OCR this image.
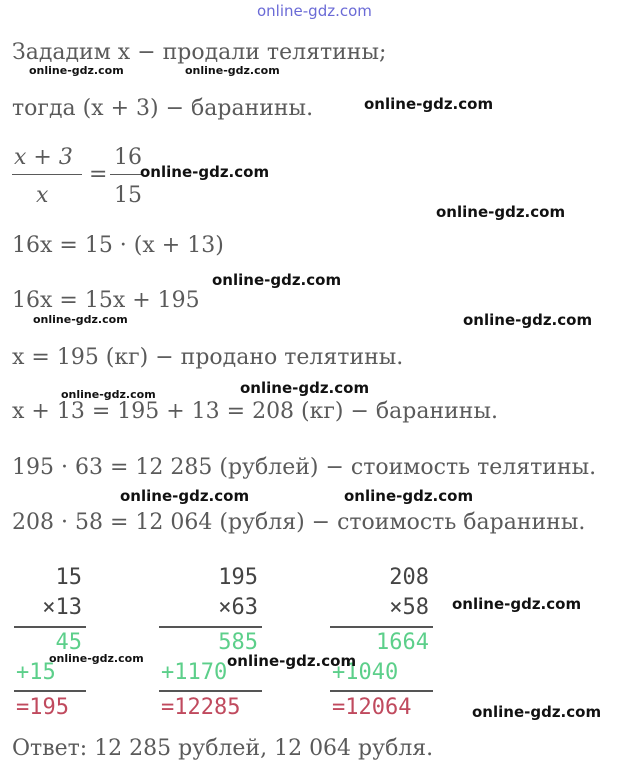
online-gdz.com
Зададим x − продали телятины;
тогда (x + 3) − баранины.
x + 3
x
=
16
15
16x = 15 · (x + 13)
16x = 15x + 195
x = 195 (кг) − продано телятины.
x + 13 = 195 + 13 = 208 (кг) − баранины.
195 · 63 = 12 285 (рублей) − стоимость телятины.
208 · 58 = 12 064 (рубля) − стоимость баранины.
15
×13
45
+15
=195
195
×63
585
+1170
=12285
208
×58
1664
+1040
=12064
Ответ: 12 285 рублей, 12 064 рубля.
online-gdz.com	online-gdz.com
online-gdz.com
online-gdz.com
online-gdz.com
online-gdz.com
online-gdz.com	online-gdz.com
online-gdz.com	online-gdz.com
online-gdz.com	online-gdz.com
online-gdz.com
online-gdz.com	online-gdz.com
online-gdz.com
